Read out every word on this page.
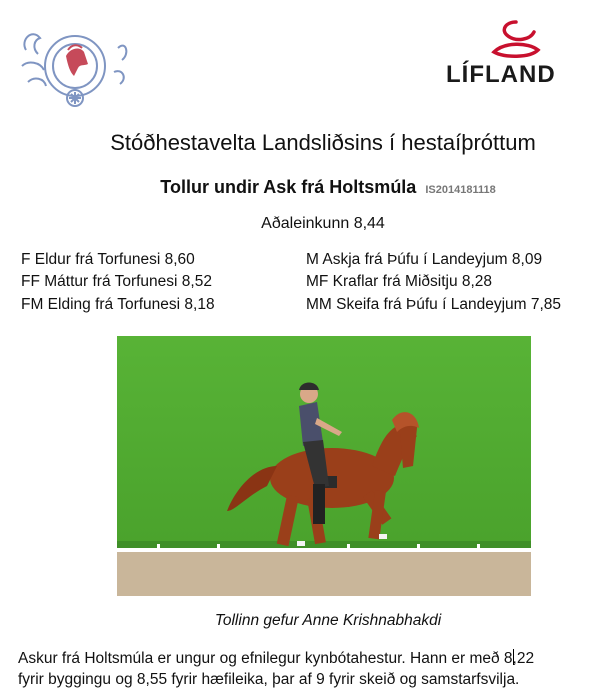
LÍFLAND
Stóðhestavelta Landsliðsins í hestaíþróttum
Tollur undir Ask frá Holtsmúla IS2014181118
Aðaleinkunn 8,44
F Eldur frá Torfunesi 8,60
FF Máttur frá Torfunesi 8,52
FM Elding frá Torfunesi 8,18
M Askja frá Þúfu í Landeyjum 8,09
MF Kraflar frá Miðsitju 8,28
MM Skeifa frá Þúfu í Landeyjum 7,85
Tollinn gefur Anne Krishnabhakdi
Askur frá Holtsmúla er ungur og efnilegur kynbótahestur. Hann er með 8,22
fyrir byggingu og 8,55 fyrir hæfileika, þar af 9 fyrir skeið og samstarfsvilja.
